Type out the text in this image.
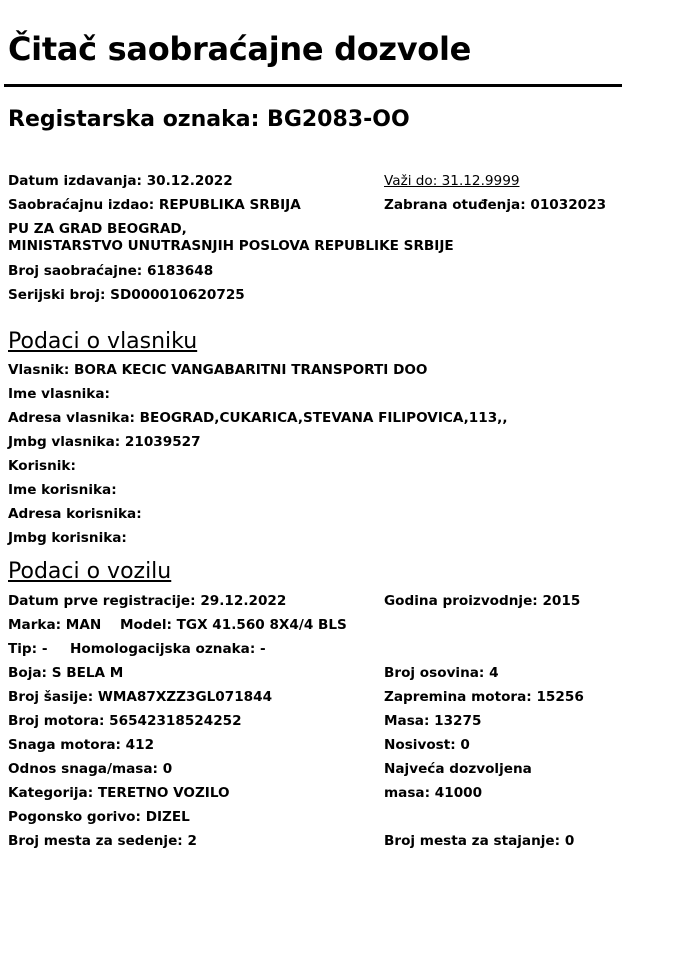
Čitač saobraćajne dozvole
Registarska oznaka: BG2083-OO
Datum izdavanja: 30.12.2022	Važi do: 31.12.9999
Saobraćajnu izdao: REPUBLIKA SRBIJA	Zabrana otuđenja: 01032023
PU ZA GRAD BEOGRAD,
MINISTARSTVO UNUTRASNJIH POSLOVA REPUBLIKE SRBIJE
Broj saobraćajne: 6183648
Serijski broj: SD000010620725
Podaci o vlasniku
Vlasnik: BORA KECIC VANGABARITNI TRANSPORTI DOO
Ime vlasnika:
Adresa vlasnika: BEOGRAD,CUKARICA,STEVANA FILIPOVICA,113,,
Jmbg vlasnika: 21039527
Korisnik:
Ime korisnika:
Adresa korisnika:
Jmbg korisnika:
Podaci o vozilu
Datum prve registracije: 29.12.2022	Godina proizvodnje: 2015
Marka: MAN Model: TGX 41.560 8X4/4 BLS
Tip: - Homologacijska oznaka: -
Boja: S BELA M	Broj osovina: 4
Broj šasije: WMA87XZZ3GL071844	Zapremina motora: 15256
Broj motora: 56542318524252	Masa: 13275
Snaga motora: 412	Nosivost: 0
Odnos snaga/masa: 0	Najveća dozvoljena
Kategorija: TERETNO VOZILO	masa: 41000
Pogonsko gorivo: DIZEL
Broj mesta za sedenje: 2	Broj mesta za stajanje: 0
